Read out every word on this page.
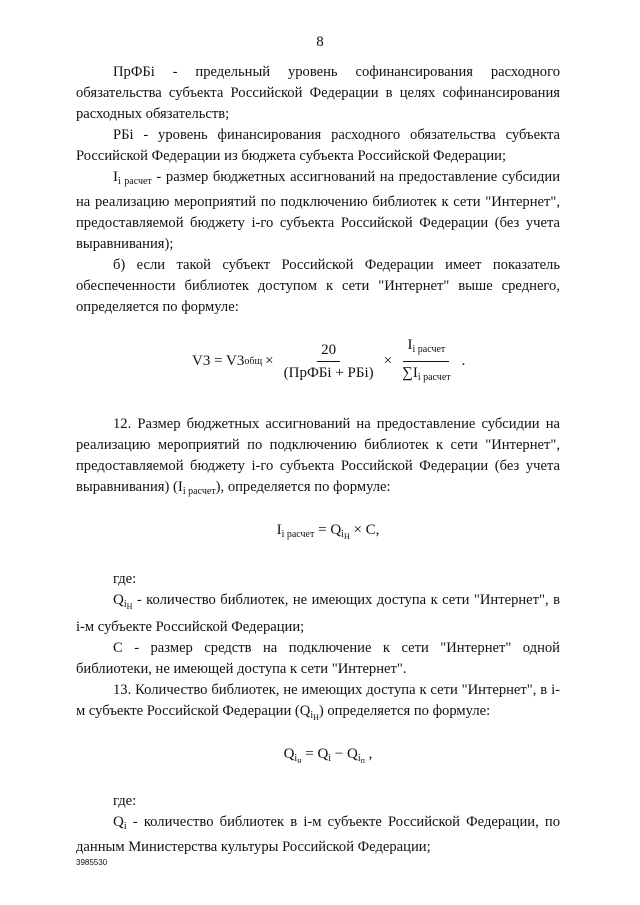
8

ПрФБi - предельный уровень софинансирования расходного обязательства субъекта Российской Федерации в целях софинансирования расходных обязательств;

РБi - уровень финансирования расходного обязательства субъекта Российской Федерации из бюджета субъекта Российской Федерации;

$I_{i расчет}$ - размер бюджетных ассигнований на предоставление субсидии на реализацию мероприятий по подключению библиотек к сети "Интернет", предоставляемой бюджету i-го субъекта Российской Федерации (без учета выравнивания);

б) если такой субъект Российской Федерации имеет показатель обеспеченности библиотек доступом к сети "Интернет" выше среднего, определяется по формуле:

V3 = V3 общ × $\frac{20}{\text{(ПрФБi + РБi)}} \times \frac{I_{i расчет}}{\sum I_{i расчет}}$ .

12. Размер бюджетных ассигнований на предоставление субсидии на реализацию мероприятий по подключению библиотек к сети "Интернет", предоставляемой бюджету i-го субъекта Российской Федерации (без учета выравнивания) $(I_{i расчет})$, определяется по формуле:

$I_{i расчет} = Q_{iН} \times C$,

где:

$Q_{iН}$ - количество библиотек, не имеющих доступа к сети "Интернет", в i-м субъекте Российской Федерации;

С - размер средств на подключение к сети "Интернет" одной библиотеки, не имеющей доступа к сети "Интернет".

13. Количество библиотек, не имеющих доступа к сети "Интернет", в i-м субъекте Российской Федерации $(Q_{iН})$ определяется по формуле:

$Q_{iн} = Q_i - Q_{iп}$ ,

где:

$Q_i$ - количество библиотек в i-м субъекте Российской Федерации, по данным Министерства культуры Российской Федерации;

3985530
